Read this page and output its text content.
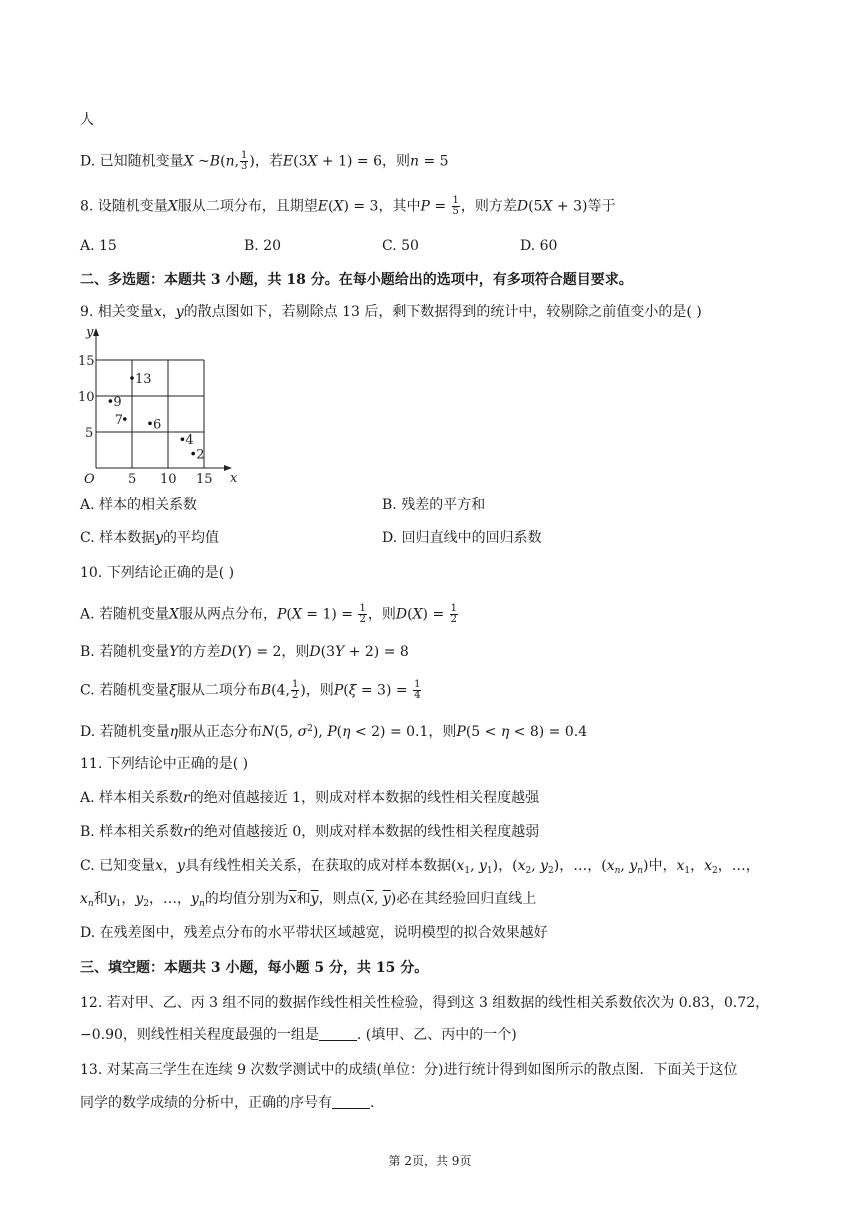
人
D. 已知随机变量X ~B(n, $\frac{1}{3}$ )，若E(3X + 1) = 6，则n = 5
8. 设随机变量X服从二项分布，且期望E(X) = 3，其中$P = \frac{1}{5}$ ，则方差D(5X + 3)等于
A. 15	B. 20	C. 50	D. 60
二、多选题：本题共 3 小题，共 18 分。在每小题给出的选项中，有多项符合题目要求。
9. 相关变量x，y的散点图如下，若剔除点 13 后，剩下数据得到的统计中，较剔除之前值变小的是( )
x
y
O	5 10 15
5
10
15
13
9
7 6
4
2
A. 样本的相关系数	B. 残差的平方和
C. 样本数据y的平均值	D. 回归直线中的回归系数
10. 下列结论正确的是( )
A. 若随机变量X服从两点分布，$P(X = 1) = \frac{1}{2}$ ，则$D(X) = \frac{1}{2}$
B. 若随机变量Y的方差D(Y) = 2，则D(3Y + 2) = 8
C. 若随机变量ξ服从二项分布B(4, $\frac{1}{2}$ )，则$P(\xi = 3) = \frac{1}{4}$
D. 若随机变量η服从正态分布N(5, $\sigma^2$), P(η < 2) = 0.1，则P(5 < η < 8) = 0.4
11. 下列结论中正确的是( )
A. 样本相关系数r的绝对值越接近 1，则成对样本数据的线性相关程度越强
B. 样本相关系数r的绝对值越接近 0，则成对样本数据的线性相关程度越弱
C. 已知变量x，y具有线性相关关系，在获取的成对样本数据($x_1$, $y_1$)，($x_2$, $y_2$)，…，($x_n$, $y_n$)中，$x_1$，$x_2$，…，
$x_n$和$y_1$，$y_2$，…，$y_n$的均值分别为$\overline{x}$和$\overline{y}$，则点($\overline{x}$, $\overline{y}$)必在其经验回归直线上
D. 在残差图中，残差点分布的水平带状区域越宽，说明模型的拟合效果越好
三、填空题：本题共 3 小题，每小题 5 分，共 15 分。
12. 若对甲、乙、丙 3 组不同的数据作线性相关性检验，得到这 3 组数据的线性相关系数依次为 0.83，0.72，
−0.90，则线性相关程度最强的一组是	. (填甲、乙、丙中的一个)
13. 对某高三学生在连续 9 次数学测试中的成绩(单位：分)进行统计得到如图所示的散点图．下面关于这位
同学的数学成绩的分析中，正确的序号有	.
第 2页，共 9页
